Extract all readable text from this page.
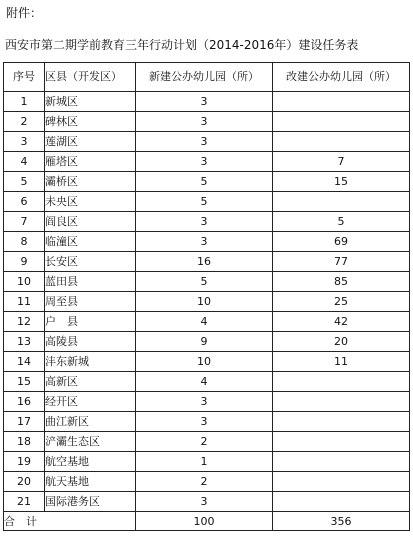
附件：
西安市第二期学前教育三年行动计划（2014-2016年）建设任务表
序号	区县（开发区）	新建公办幼儿园（所）	改建公办幼儿园（所）
1	新城区	3	
2	碑林区	3	
3	莲湖区	3	
4	雁塔区	3	7
5	灞桥区	5	15
6	未央区	5	
7	阎良区	3	5
8	临潼区	3	69
9	长安区	16	77
10	蓝田县	5	85
11	周至县	10	25
12	户　县	4	42
13	高陵县	9	20
14	沣东新城	10	11
15	高新区	4	
16	经开区	3	
17	曲江新区	3	
18	浐灞生态区	2	
19	航空基地	1	
20	航天基地	2	
21	国际港务区	3	
合　计		100	356
